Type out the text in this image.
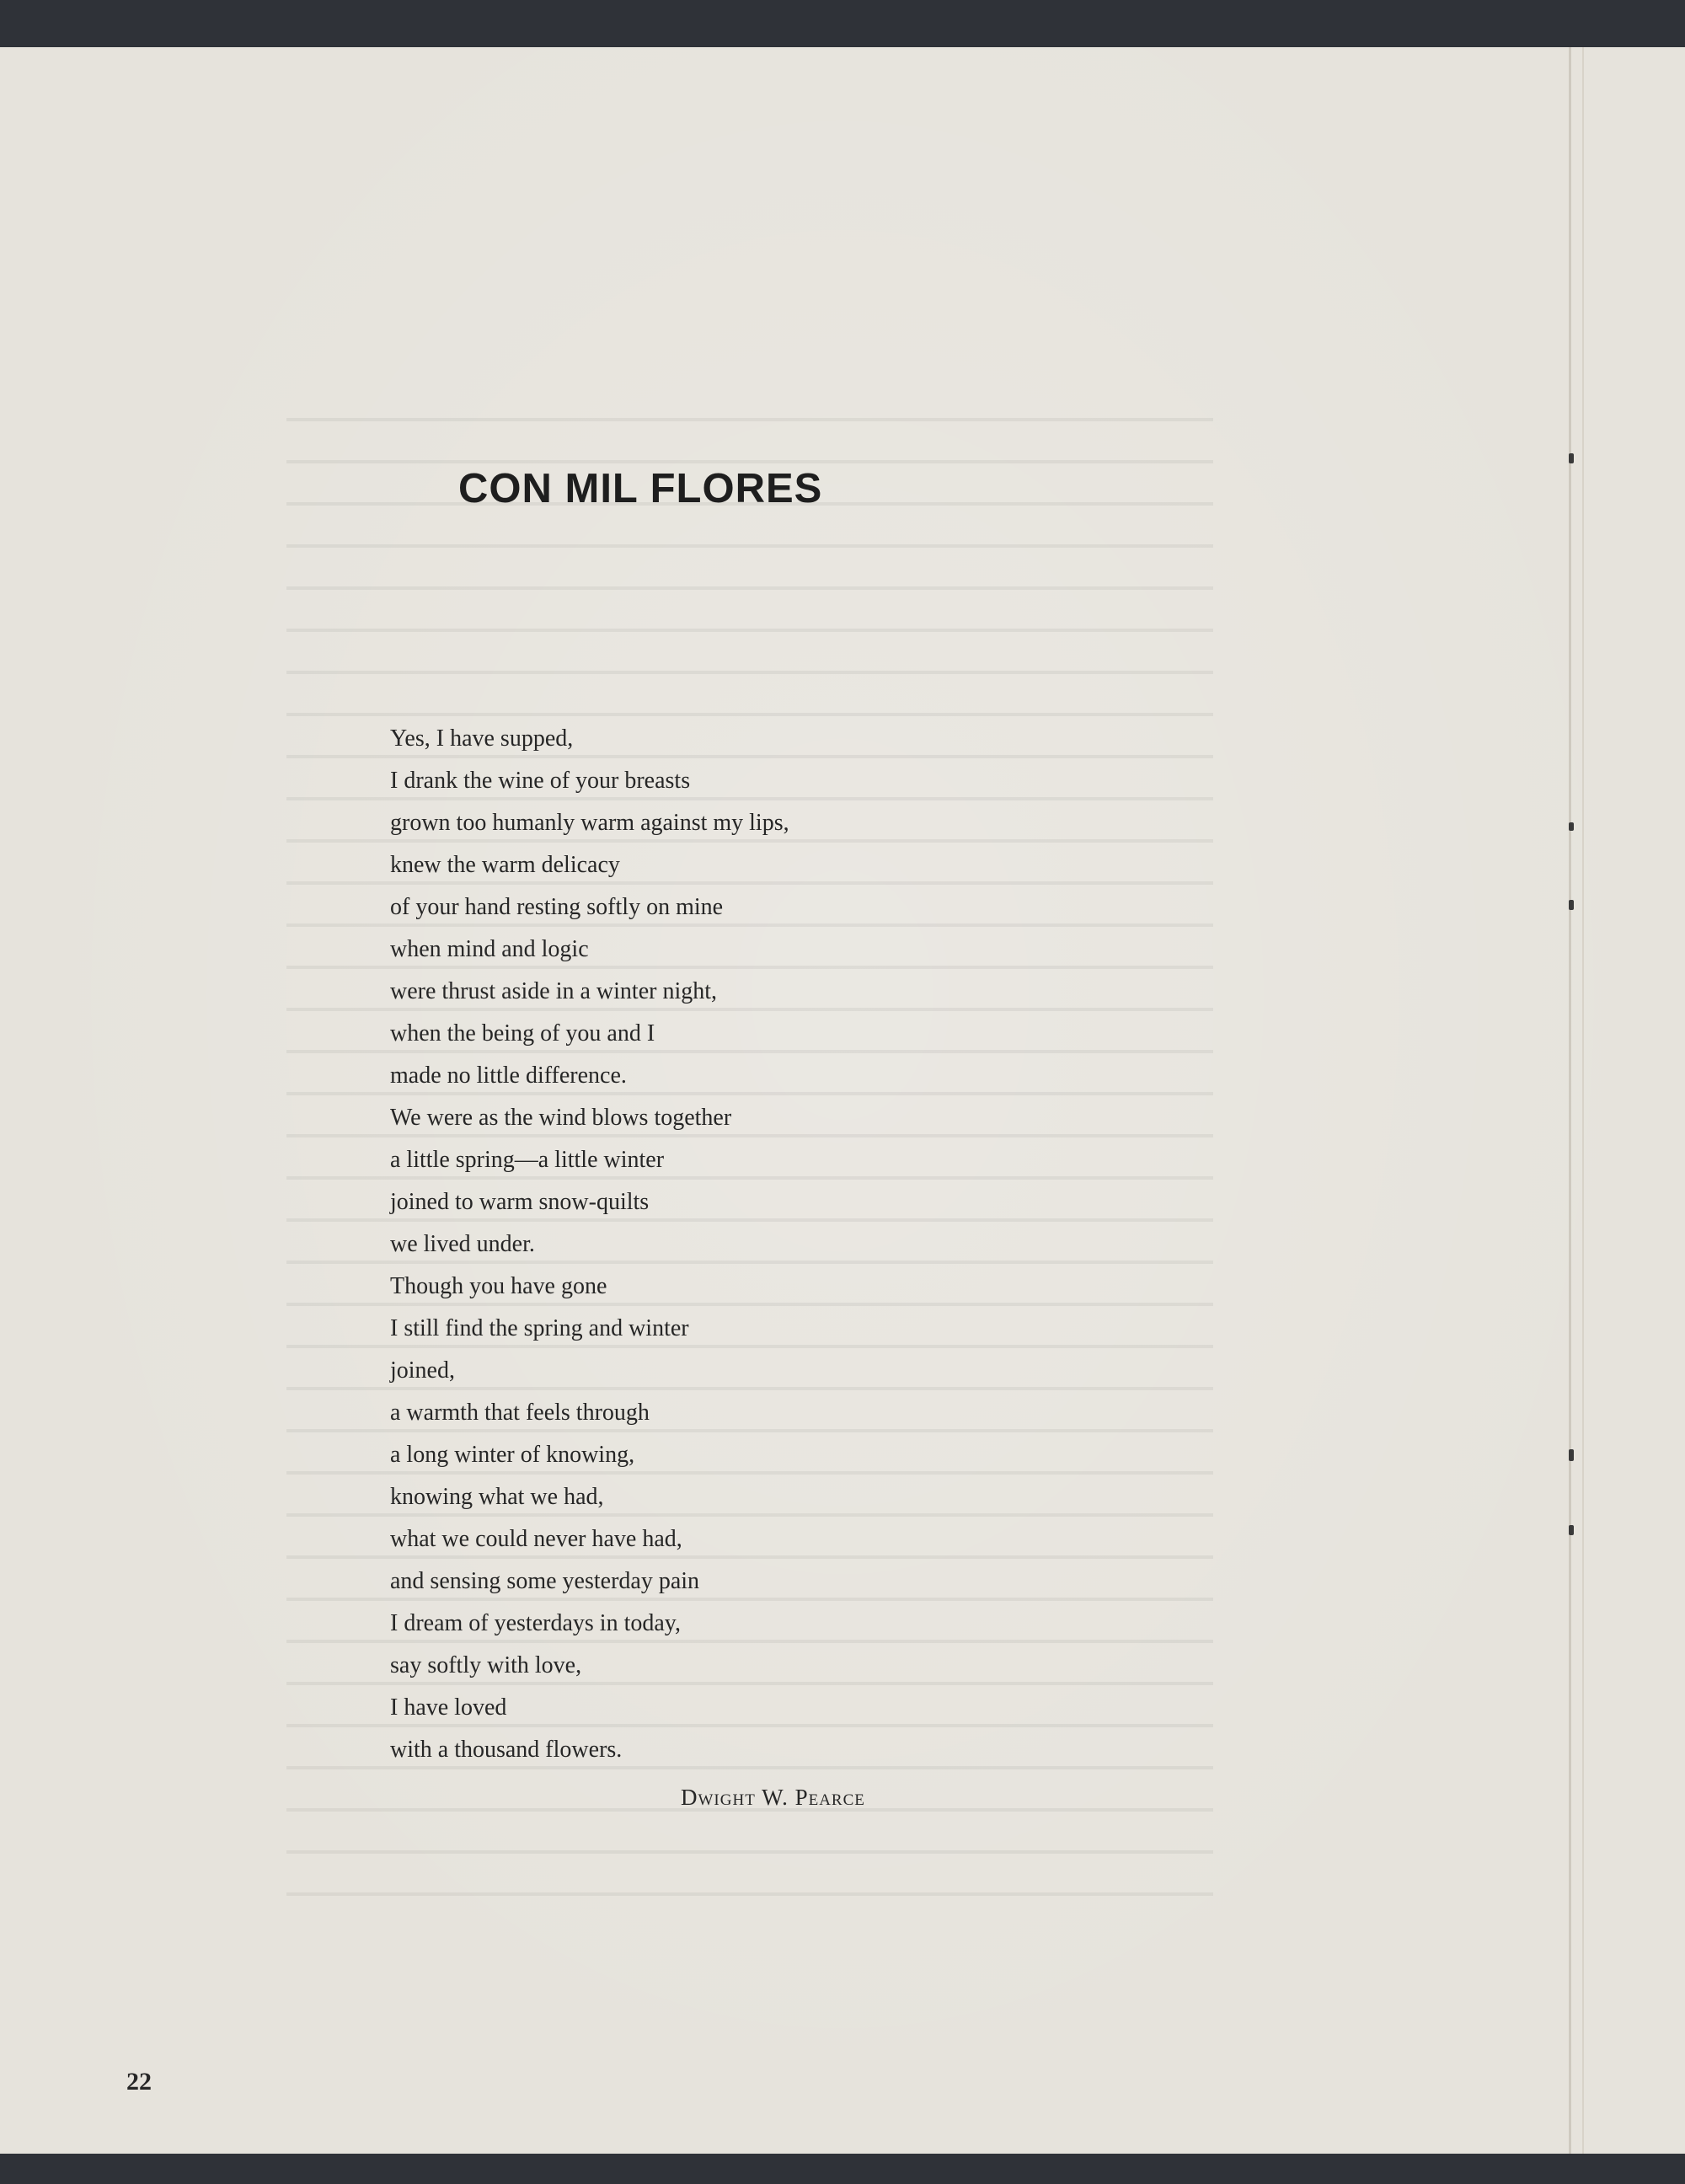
CON MIL FLORES
Yes, I have supped,
I drank the wine of your breasts
grown too humanly warm against my lips,
knew the warm delicacy
of your hand resting softly on mine
when mind and logic
were thrust aside in a winter night,
when the being of you and I
made no little difference.
We were as the wind blows together
a little spring—a little winter
joined to warm snow-quilts
we lived under.
Though you have gone
I still find the spring and winter
joined,
a warmth that feels through
a long winter of knowing,
knowing what we had,
what we could never have had,
and sensing some yesterday pain
I dream of yesterdays in today,
say softly with love,
I have loved
with a thousand flowers.
Dwight W. Pearce
22
